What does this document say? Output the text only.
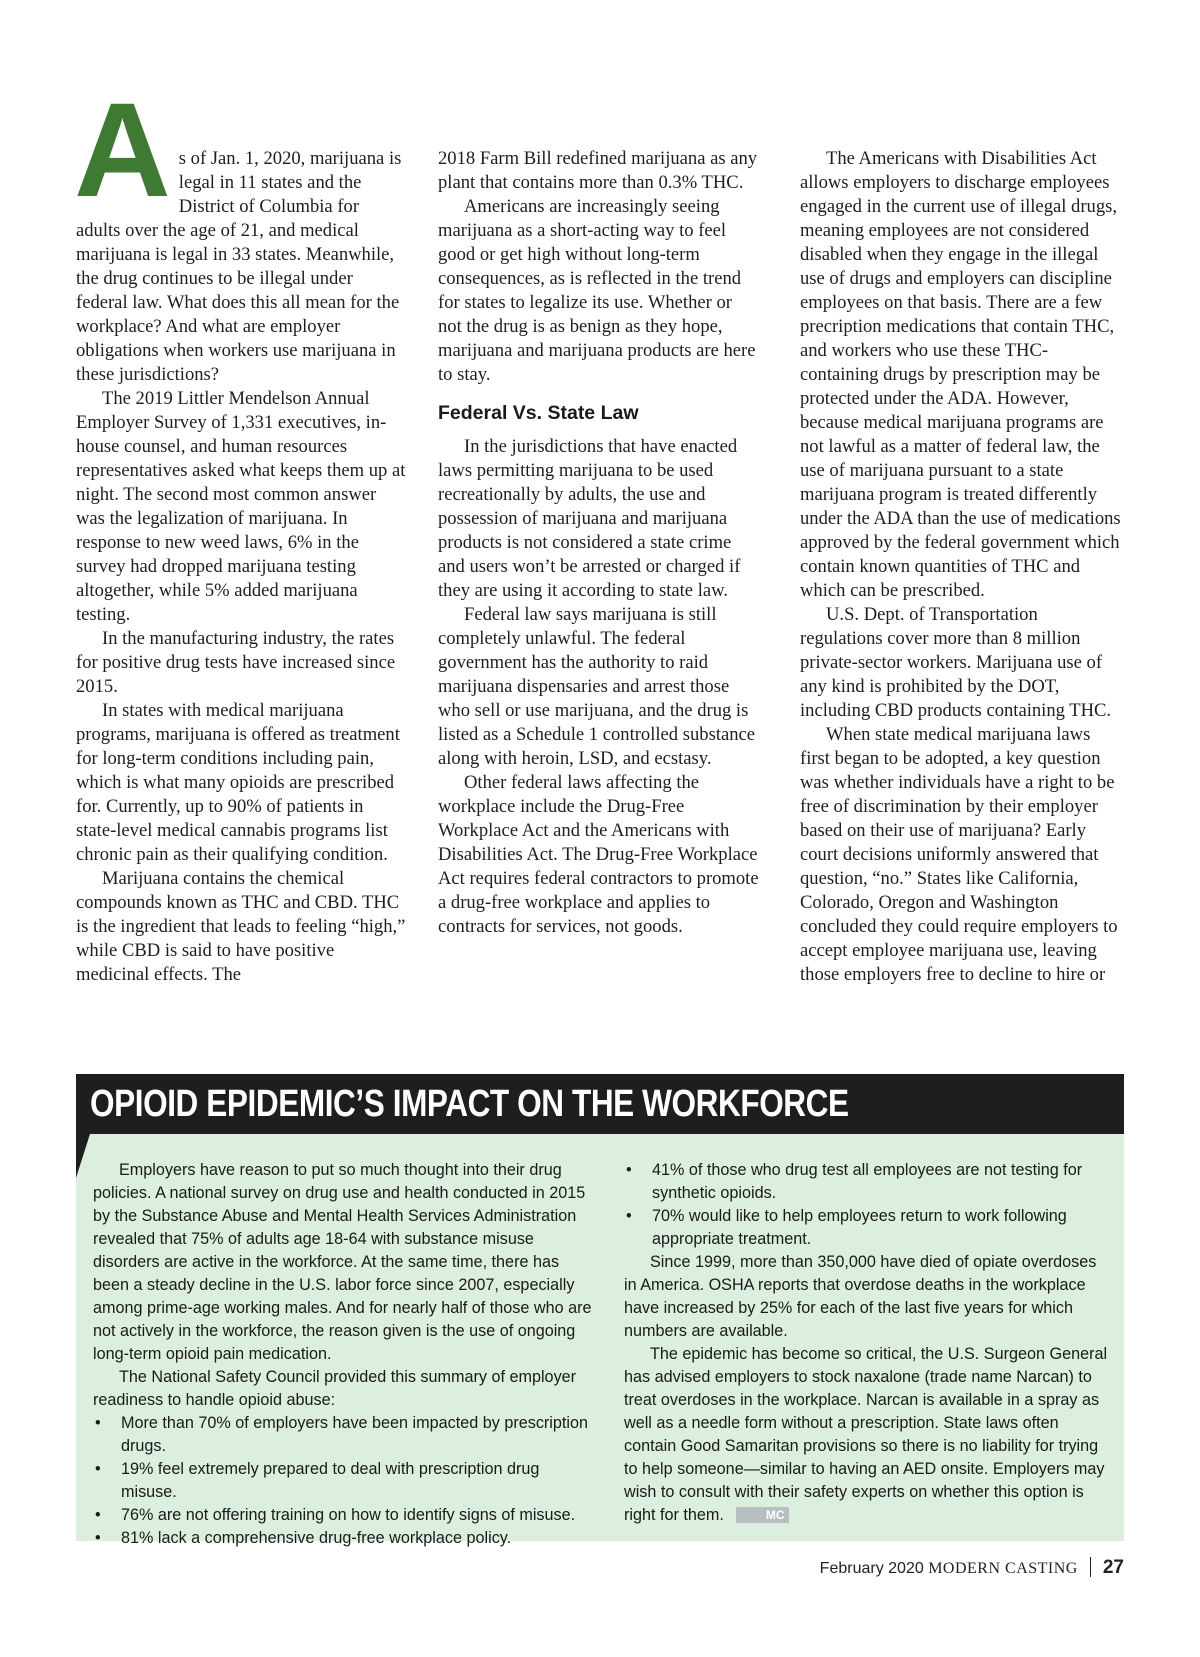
As of Jan. 1, 2020, marijuana is legal in 11 states and the District of Columbia for adults over the age of 21, and medical marijuana is legal in 33 states. Meanwhile, the drug continues to be illegal under federal law. What does this all mean for the workplace? And what are employer obligations when workers use marijuana in these jurisdictions?

The 2019 Littler Mendelson Annual Employer Survey of 1,331 executives, in-house counsel, and human resources representatives asked what keeps them up at night. The second most common answer was the legalization of marijuana. In response to new weed laws, 6% in the survey had dropped marijuana testing altogether, while 5% added marijuana testing.

In the manufacturing industry, the rates for positive drug tests have increased since 2015.

In states with medical marijuana programs, marijuana is offered as treatment for long-term conditions including pain, which is what many opioids are prescribed for. Currently, up to 90% of patients in state-level medical cannabis programs list chronic pain as their qualifying condition.

Marijuana contains the chemical compounds known as THC and CBD. THC is the ingredient that leads to feeling “high,” while CBD is said to have positive medicinal effects. The

2018 Farm Bill redefined marijuana as any plant that contains more than 0.3% THC.

Americans are increasingly seeing marijuana as a short-acting way to feel good or get high without long-term consequences, as is reflected in the trend for states to legalize its use. Whether or not the drug is as benign as they hope, marijuana and marijuana products are here to stay.

Federal Vs. State Law

In the jurisdictions that have enacted laws permitting marijuana to be used recreationally by adults, the use and possession of marijuana and marijuana products is not considered a state crime and users won’t be arrested or charged if they are using it according to state law.

Federal law says marijuana is still completely unlawful. The federal government has the authority to raid marijuana dispensaries and arrest those who sell or use marijuana, and the drug is listed as a Schedule 1 controlled substance along with heroin, LSD, and ecstasy.

Other federal laws affecting the workplace include the Drug-Free Workplace Act and the Americans with Disabilities Act. The Drug-Free Workplace Act requires federal contractors to promote a drug-free workplace and applies to contracts for services, not goods.

The Americans with Disabilities Act allows employers to discharge employees engaged in the current use of illegal drugs, meaning employees are not considered disabled when they engage in the illegal use of drugs and employers can discipline employees on that basis. There are a few precription medications that contain THC, and workers who use these THC-containing drugs by prescription may be protected under the ADA. However, because medical marijuana programs are not lawful as a matter of federal law, the use of marijuana pursuant to a state marijuana program is treated differently under the ADA than the use of medications approved by the federal government which contain known quantities of THC and which can be prescribed.

U.S. Dept. of Transportation regulations cover more than 8 million private-sector workers. Marijuana use of any kind is prohibited by the DOT, including CBD products containing THC.

When state medical marijuana laws first began to be adopted, a key question was whether individuals have a right to be free of discrimination by their employer based on their use of marijuana? Early court decisions uniformly answered that question, “no.” States like California, Colorado, Oregon and Washington concluded they could require employers to accept employee marijuana use, leaving those employers free to decline to hire or

OPIOID EPIDEMIC’S IMPACT ON THE WORKFORCE

Employers have reason to put so much thought into their drug policies. A national survey on drug use and health conducted in 2015 by the Substance Abuse and Mental Health Services Administration revealed that 75% of adults age 18-64 with substance misuse disorders are active in the workforce. At the same time, there has been a steady decline in the U.S. labor force since 2007, especially among prime-age working males. And for nearly half of those who are not actively in the workforce, the reason given is the use of ongoing long-term opioid pain medication.

The National Safety Council provided this summary of employer readiness to handle opioid abuse:

• More than 70% of employers have been impacted by prescription drugs.
• 19% feel extremely prepared to deal with prescription drug misuse.
• 76% are not offering training on how to identify signs of misuse.
• 81% lack a comprehensive drug-free workplace policy.
• 41% of those who drug test all employees are not testing for synthetic opioids.
• 70% would like to help employees return to work following appropriate treatment.

Since 1999, more than 350,000 have died of opiate overdoses in America. OSHA reports that overdose deaths in the workplace have increased by 25% for each of the last five years for which numbers are available.

The epidemic has become so critical, the U.S. Surgeon General has advised employers to stock naxalone (trade name Narcan) to treat overdoses in the workplace. Narcan is available in a spray as well as a needle form without a prescription. State laws often contain Good Samaritan provisions so there is no liability for trying to help someone—similar to having an AED onsite. Employers may wish to consult with their safety experts on whether this option is right for them.	MC

February 2020 MODERN CASTING 27
